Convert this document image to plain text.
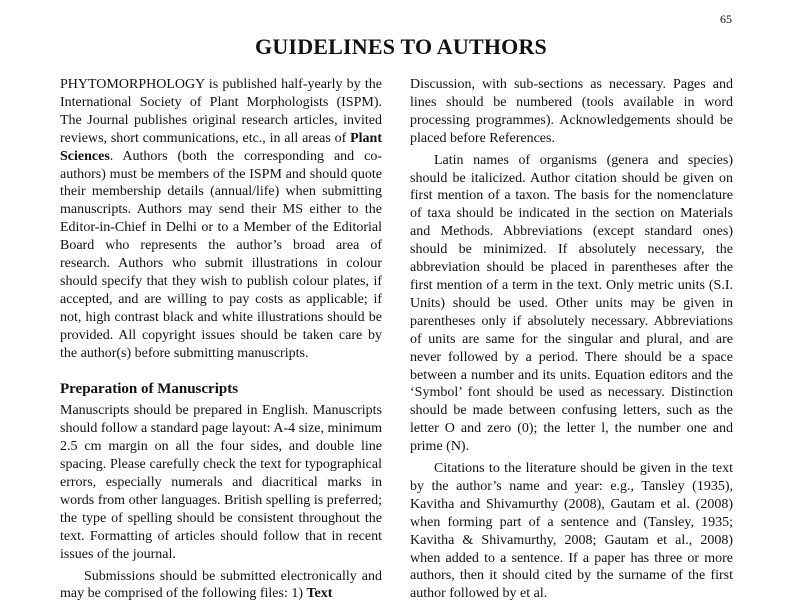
65
GUIDELINES TO AUTHORS

PHYTOMORPHOLOGY is published half-yearly by the International Society of Plant Morphologists (ISPM). The Journal publishes original research articles, invited reviews, short communications, etc., in all areas of Plant Sciences. Authors (both the corresponding and co-authors) must be members of the ISPM and should quote their membership details (annual/life) when submitting manuscripts. Authors may send their MS either to the Editor-in-Chief in Delhi or to a Member of the Editorial Board who represents the author’s broad area of research. Authors who submit illustrations in colour should specify that they wish to publish colour plates, if accepted, and are willing to pay costs as applicable; if not, high contrast black and white illustrations should be provided. All copyright issues should be taken care by the author(s) before submitting manuscripts.

Preparation of Manuscripts

Manuscripts should be prepared in English. Manuscripts should follow a standard page layout: A-4 size, minimum 2.5 cm margin on all the four sides, and double line spacing. Please carefully check the text for typographical errors, especially numerals and diacritical marks in words from other languages. British spelling is preferred; the type of spelling should be consistent throughout the text. Formatting of articles should follow that in recent issues of the journal.

Submissions should be submitted electronically and may be comprised of the following files: 1) Text

Discussion, with sub-sections as necessary. Pages and lines should be numbered (tools available in word processing programmes). Acknowledgements should be placed before References.

Latin names of organisms (genera and species) should be italicized. Author citation should be given on first mention of a taxon. The basis for the nomenclature of taxa should be indicated in the section on Materials and Methods. Abbreviations (except standard ones) should be minimized. If absolutely necessary, the abbreviation should be placed in parentheses after the first mention of a term in the text. Only metric units (S.I. Units) should be used. Other units may be given in parentheses only if absolutely necessary. Abbreviations of units are same for the singular and plural, and are never followed by a period. There should be a space between a number and its units. Equation editors and the ‘Symbol’ font should be used as necessary. Distinction should be made between confusing letters, such as the letter O and zero (0); the letter l, the number one and prime (N).

Citations to the literature should be given in the text by the author’s name and year: e.g., Tansley (1935), Kavitha and Shivamurthy (2008), Gautam et al. (2008) when forming part of a sentence and (Tansley, 1935; Kavitha & Shivamurthy, 2008; Gautam et al., 2008) when added to a sentence. If a paper has three or more authors, then it should cited by the surname of the first author followed by et al.
